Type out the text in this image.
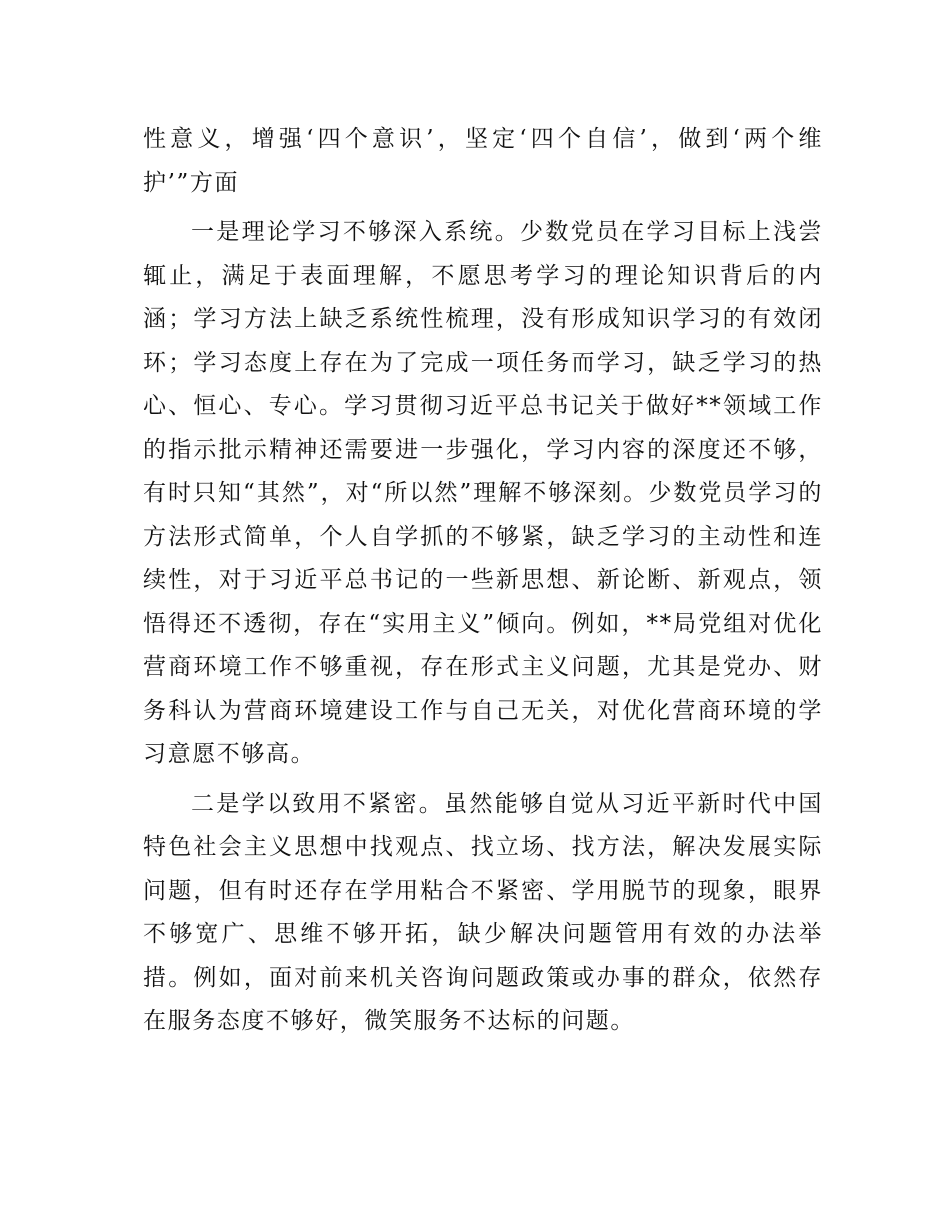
性意义，增强‘四个意识’，坚定‘四个自信’，做到‘两个维护’”方面

一是理论学习不够深入系统。少数党员在学习目标上浅尝辄止，满足于表面理解，不愿思考学习的理论知识背后的内涵；学习方法上缺乏系统性梳理，没有形成知识学习的有效闭环；学习态度上存在为了完成一项任务而学习，缺乏学习的热心、恒心、专心。学习贯彻习近平总书记关于做好**领域工作的指示批示精神还需要进一步强化，学习内容的深度还不够，有时只知“其然”，对“所以然”理解不够深刻。少数党员学习的方法形式简单，个人自学抓的不够紧，缺乏学习的主动性和连续性，对于习近平总书记的一些新思想、新论断、新观点，领悟得还不透彻，存在“实用主义”倾向。例如，**局党组对优化营商环境工作不够重视，存在形式主义问题，尤其是党办、财务科认为营商环境建设工作与自己无关，对优化营商环境的学习意愿不够高。

二是学以致用不紧密。虽然能够自觉从习近平新时代中国特色社会主义思想中找观点、找立场、找方法，解决发展实际问题，但有时还存在学用粘合不紧密、学用脱节的现象，眼界不够宽广、思维不够开拓，缺少解决问题管用有效的办法举措。例如，面对前来机关咨询问题政策或办事的群众，依然存在服务态度不够好，微笑服务不达标的问题。
